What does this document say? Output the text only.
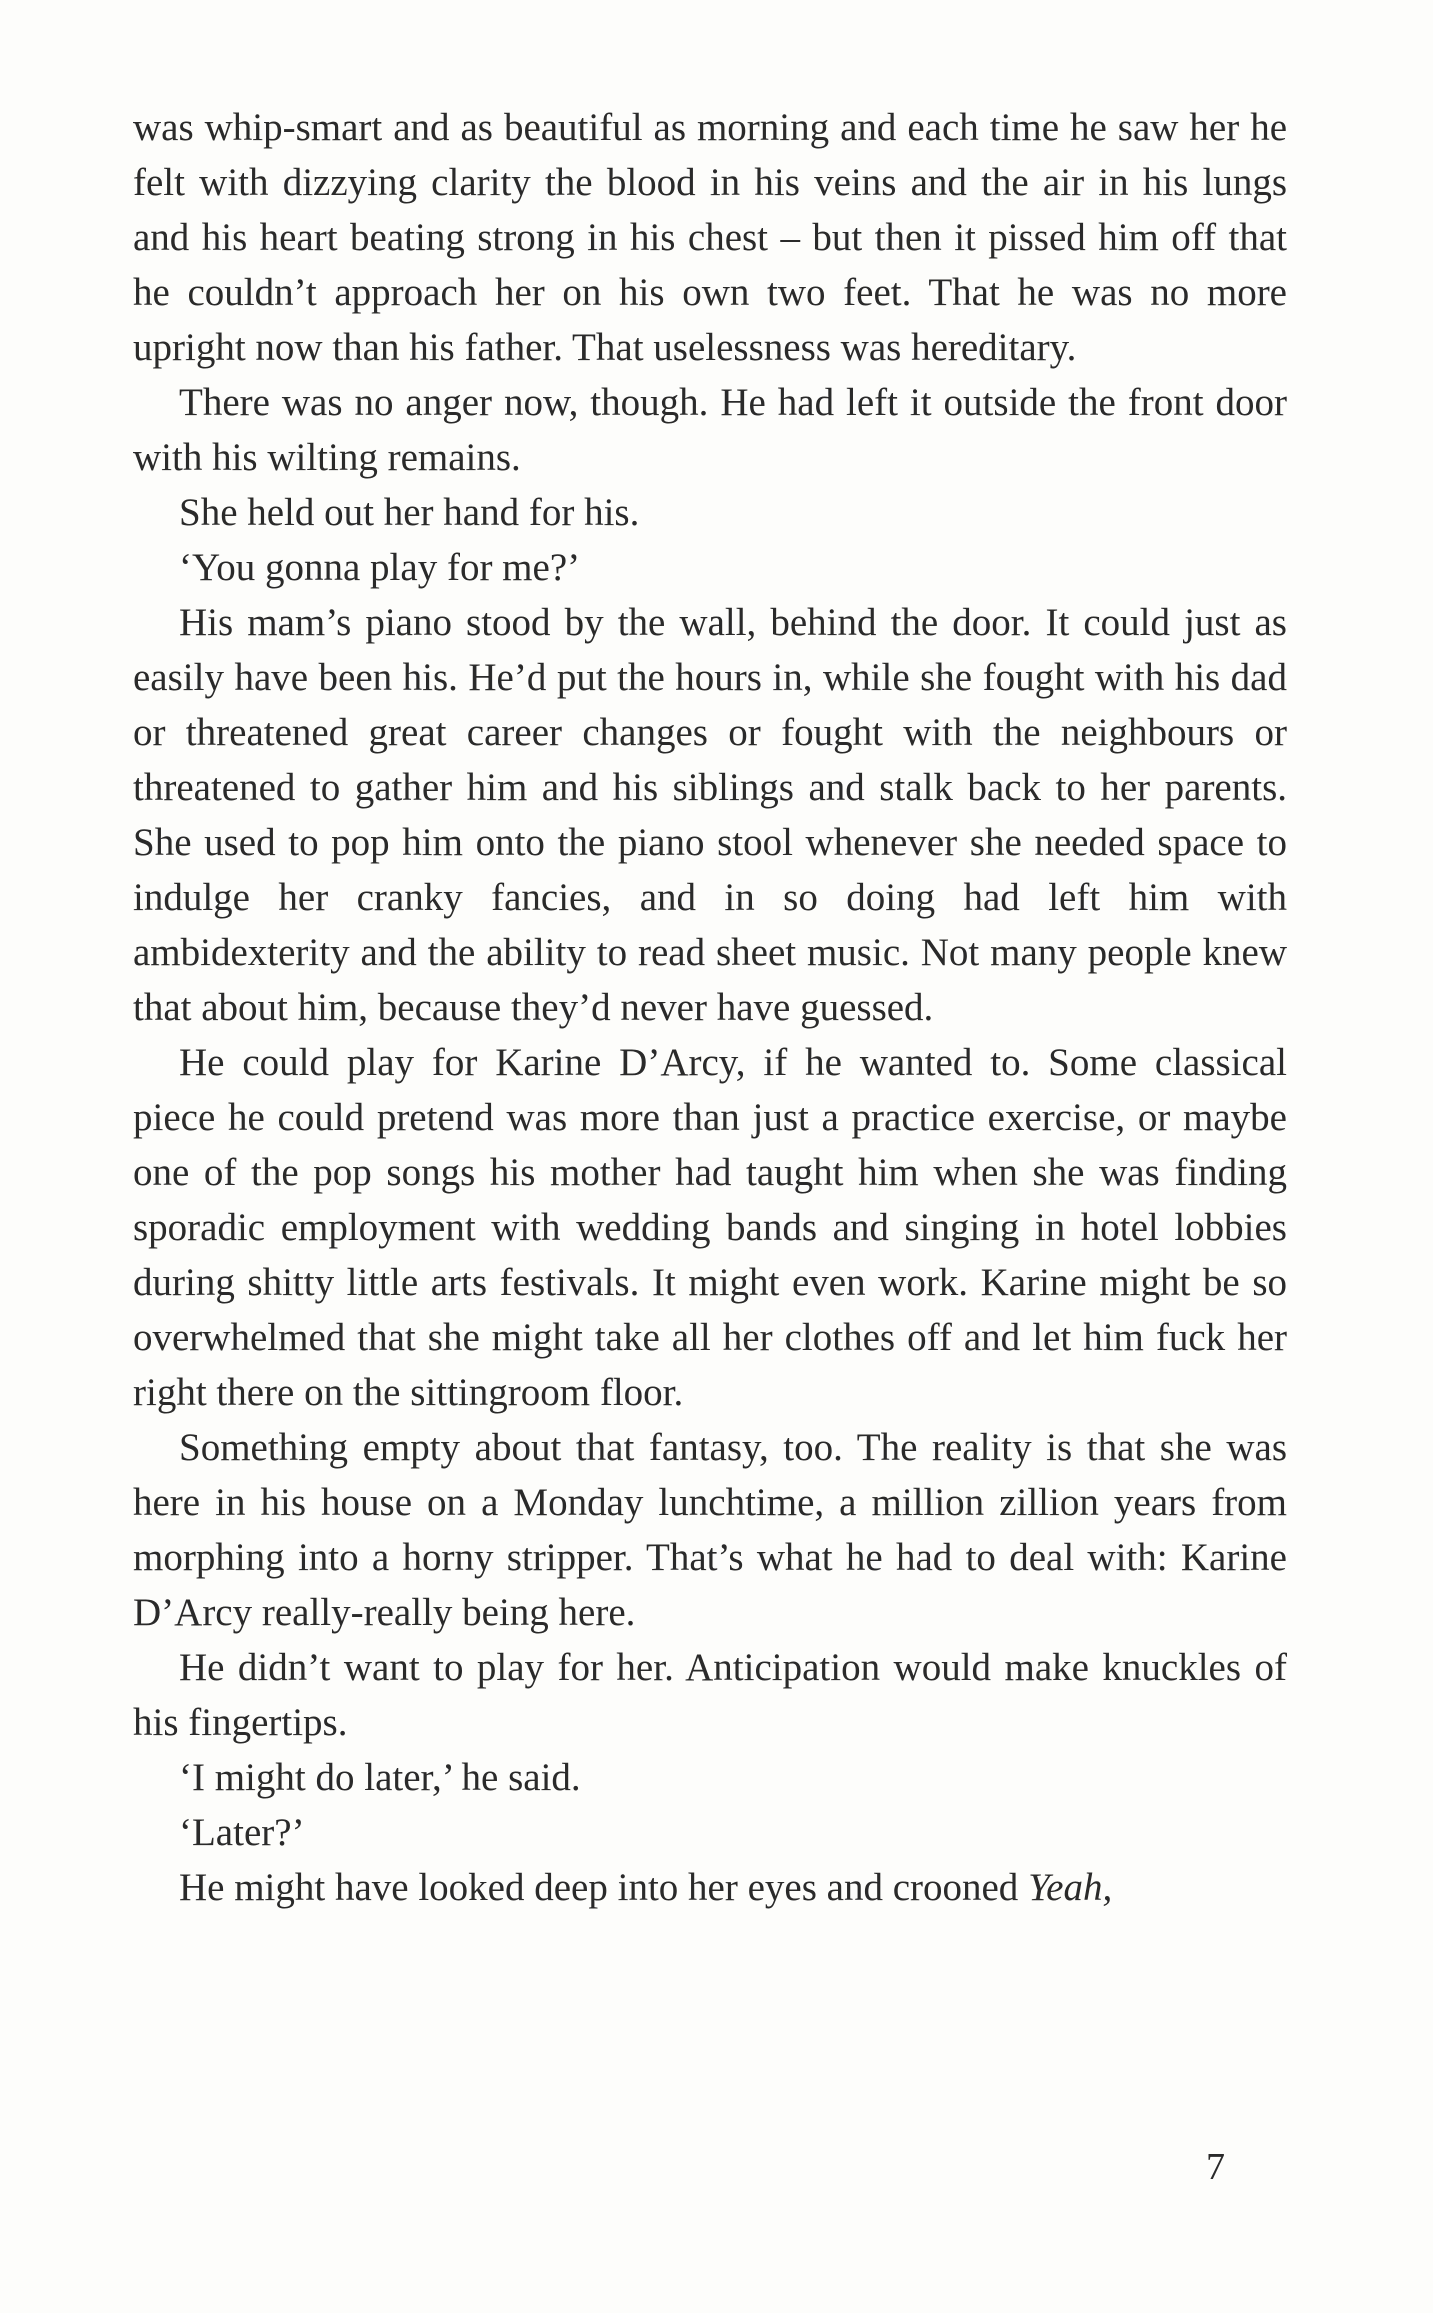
was whip-smart and as beautiful as morning and each time he saw her he felt with dizzying clarity the blood in his veins and the air in his lungs and his heart beating strong in his chest – but then it pissed him off that he couldn’t approach her on his own two feet. That he was no more upright now than his father. That uselessness was hereditary.

There was no anger now, though. He had left it outside the front door with his wilting remains.

She held out her hand for his.

‘You gonna play for me?’

His mam’s piano stood by the wall, behind the door. It could just as easily have been his. He’d put the hours in, while she fought with his dad or threatened great career changes or fought with the neighbours or threatened to gather him and his siblings and stalk back to her parents. She used to pop him onto the piano stool whenever she needed space to indulge her cranky fancies, and in so doing had left him with ambidexterity and the ability to read sheet music. Not many people knew that about him, because they’d never have guessed.

He could play for Karine D’Arcy, if he wanted to. Some classical piece he could pretend was more than just a practice exercise, or maybe one of the pop songs his mother had taught him when she was finding sporadic employment with wedding bands and singing in hotel lobbies during shitty little arts festivals. It might even work. Karine might be so overwhelmed that she might take all her clothes off and let him fuck her right there on the sittingroom floor.

Something empty about that fantasy, too. The reality is that she was here in his house on a Monday lunchtime, a million zillion years from morphing into a horny stripper. That’s what he had to deal with: Karine D’Arcy really-really being here.

He didn’t want to play for her. Anticipation would make knuckles of his fingertips.

‘I might do later,’ he said.

‘Later?’

He might have looked deep into her eyes and crooned Yeah,

7
